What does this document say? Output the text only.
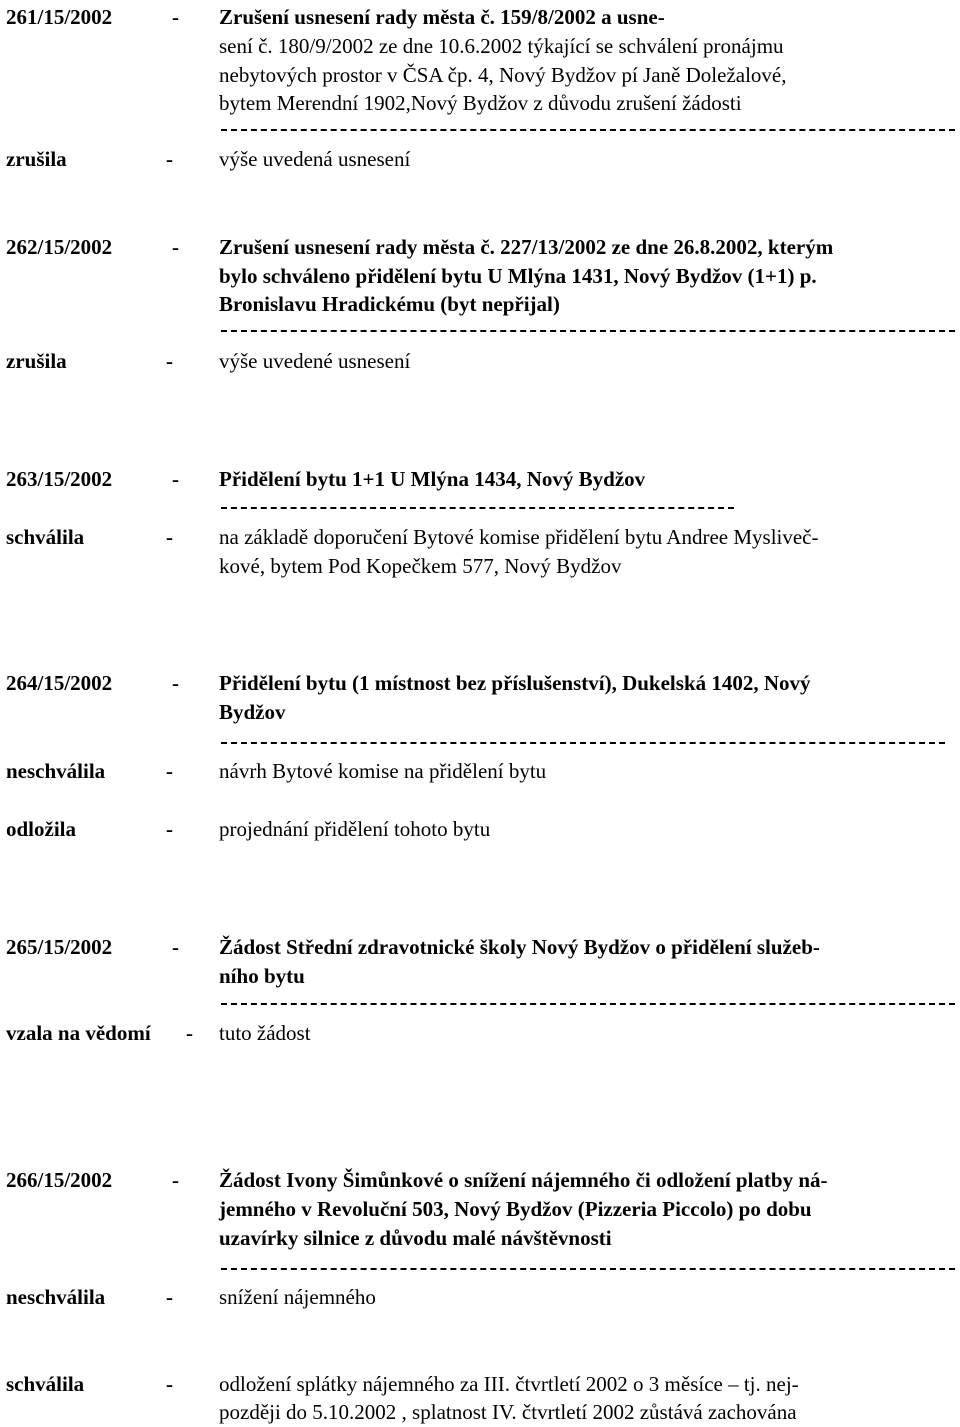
261/15/2002	- Zrušení usnesení rady města č. 159/8/2002 a usne-
sení č. 180/9/2002 ze dne 10.6.2002 týkající se schválení pronájmu
nebytových prostor v ČSA čp. 4, Nový Bydžov pí Janě Doležalové,
bytem Merendní 1902,Nový Bydžov z důvodu zrušení žádosti
zrušila	- výše uvedená usnesení
262/15/2002	- Zrušení usnesení rady města č. 227/13/2002 ze dne 26.8.2002, kterým
bylo schváleno přidělení bytu U Mlýna 1431, Nový Bydžov (1+1) p.
Bronislavu Hradickému (byt nepřijal)
zrušila	- výše uvedené usnesení
263/15/2002	- Přidělení bytu 1+1 U Mlýna 1434, Nový Bydžov
schválila	- na základě doporučení Bytové komise přidělení bytu Andree Mysliveč-
kové, bytem Pod Kopečkem 577, Nový Bydžov
264/15/2002	- Přidělení bytu (1 místnost bez příslušenství), Dukelská 1402, Nový
Bydžov
neschválila	- návrh Bytové komise na přidělení bytu
odložila	- projednání přidělení tohoto bytu
265/15/2002	- Žádost Střední zdravotnické školy Nový Bydžov o přidělení služeb-
ního bytu
vzala na vědomí - tuto žádost
266/15/2002	- Žádost Ivony Šimůnkové o snížení nájemného či odložení platby ná-
jemného v Revoluční 503, Nový Bydžov (Pizzeria Piccolo) po dobu
uzavírky silnice z důvodu malé návštěvnosti
neschválila	- snížení nájemného
schválila	- odložení splátky nájemného za III. čtvrtletí 2002 o 3 měsíce – tj. nej-
později do 5.10.2002 , splatnost IV. čtvrtletí 2002 zůstává zachována
